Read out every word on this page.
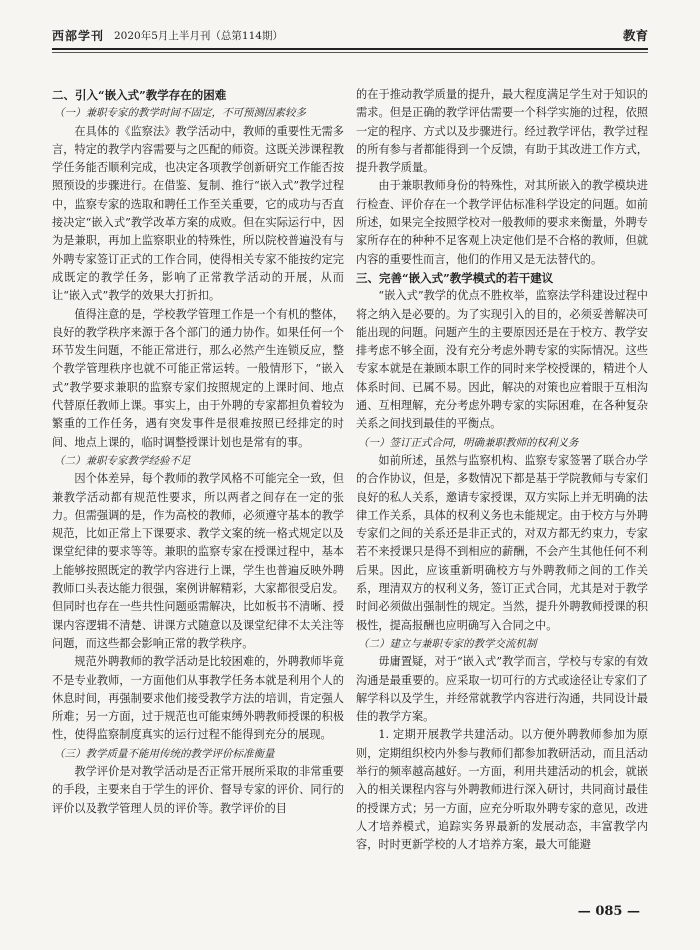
西部学刊 2020年5月上半月刊（总第114期）	教育
二、引入“嵌入式”教学存在的困难
（一）兼职专家的教学时间不固定，不可预测因素较多

在具体的《监察法》教学活动中，教师的重要性无需多言，特定的教学内容需要与之匹配的师资。这既关涉课程教学任务能否顺利完成，也决定各项教学创新研究工作能否按照预设的步骤进行。在借鉴、复制、推行“嵌入式”教学过程中，监察专家的选取和聘任工作至关重要，它的成功与否直接决定“嵌入式”教学改革方案的成败。但在实际运行中，因为是兼职，再加上监察职业的特殊性，所以院校普遍没有与外聘专家签订正式的工作合同，使得相关专家不能按约定完成既定的教学任务，影响了正常教学活动的开展，从而让“嵌入式”教学的效果大打折扣。

值得注意的是，学校教学管理工作是一个有机的整体，良好的教学秩序来源于各个部门的通力协作。如果任何一个环节发生问题，不能正常进行，那么必然产生连锁反应，整个教学管理秩序也就不可能正常运转。一般情形下，“嵌入式”教学要求兼职的监察专家们按照规定的上课时间、地点代替原任教师上课。事实上，由于外聘的专家都担负着较为繁重的工作任务，遇有突发事件是很难按照已经排定的时间、地点上课的，临时调整授课计划也是常有的事。

（二）兼职专家教学经验不足

因个体差异，每个教师的教学风格不可能完全一致，但兼教学活动都有规范性要求，所以两者之间存在一定的张力。但需强调的是，作为高校的教师，必须遵守基本的教学规范，比如正常上下课要求、教学文案的统一格式规定以及课堂纪律的要求等等。兼职的监察专家在授课过程中，基本上能够按照既定的教学内容进行上课，学生也普遍反映外聘教师口头表达能力很强，案例讲解精彩，大家都很受启发。但同时也存在一些共性问题亟需解决，比如板书不清晰、授课内容逻辑不清楚、讲课方式随意以及课堂纪律不太关注等问题，而这些都会影响正常的教学秩序。

规范外聘教师的教学活动是比较困难的，外聘教师毕竟不是专业教师，一方面他们从事教学任务本就是利用个人的休息时间，再强制要求他们接受教学方法的培训，肯定强人所难；另一方面，过于规范也可能束缚外聘教师授课的积极性，使得监察制度真实的运行过程不能得到充分的展现。

（三）教学质量不能用传统的教学评价标准衡量

教学评价是对教学活动是否正常开展所采取的非常重要的手段，主要来自于学生的评价、督导专家的评价、同行的评价以及教学管理人员的评价等。教学评价的目

的在于推动教学质量的提升，最大程度满足学生对于知识的需求。但是正确的教学评估需要一个科学实施的过程，依照一定的程序、方式以及步骤进行。经过教学评估，教学过程的所有参与者都能得到一个反馈，有助于其改进工作方式，提升教学质量。

由于兼职教师身份的特殊性，对其所嵌入的教学模块进行检查、评价存在一个教学评估标准科学设定的问题。如前所述，如果完全按照学校对一般教师的要求来衡量，外聘专家所存在的种种不足客观上决定他们是不合格的教师，但就内容的重要性而言，他们的作用又是无法替代的。

三、完善“嵌入式”教学模式的若干建议

“嵌入式”教学的优点不胜枚举，监察法学科建设过程中将之纳入是必要的。为了实现引入的目的，必须妥善解决可能出现的问题。问题产生的主要原因还是在于校方、教学安排考虑不够全面，没有充分考虑外聘专家的实际情况。这些专家本就是在兼顾本职工作的同时来学校授课的，精进个人体系时间、已属不易。因此，解决的对策也应着眼于互相沟通、互相理解，充分考虑外聘专家的实际困难，在各种复杂关系之间找到最佳的平衡点。

（一）签订正式合同，明确兼职教师的权利义务

如前所述，虽然与监察机构、监察专家签署了联合办学的合作协议，但是，多数情况下都是基于学院教师与专家们良好的私人关系，邀请专家授课，双方实际上并无明确的法律工作关系，具体的权利义务也未能规定。由于校方与外聘专家们之间的关系还是非正式的，对双方都无约束力，专家若不来授课只是得不到相应的薪酬，不会产生其他任何不利后果。因此，应该重新明确校方与外聘教师之间的工作关系，理清双方的权利义务，签订正式合同，尤其是对于教学时间必须做出强制性的规定。当然，提升外聘教师授课的积极性，提高报酬也应明确写入合同之中。

（二）建立与兼职专家的教学交流机制

毋庸置疑，对于“嵌入式”教学而言，学校与专家的有效沟通是最重要的。应采取一切可行的方式或途径让专家们了解学科以及学生，并经常就教学内容进行沟通，共同设计最佳的教学方案。

1. 定期开展教学共建活动。以方便外聘教师参加为原则，定期组织校内外参与教师们都参加教研活动，而且活动举行的频率越高越好。一方面，利用共建活动的机会，就嵌入的相关课程内容与外聘教师进行深入研讨，共同商讨最佳的授课方式；另一方面，应充分听取外聘专家的意见，改进人才培养模式，追踪实务界最新的发展动态，丰富教学内容，时时更新学校的人才培养方案，最大可能避

— 085 —
